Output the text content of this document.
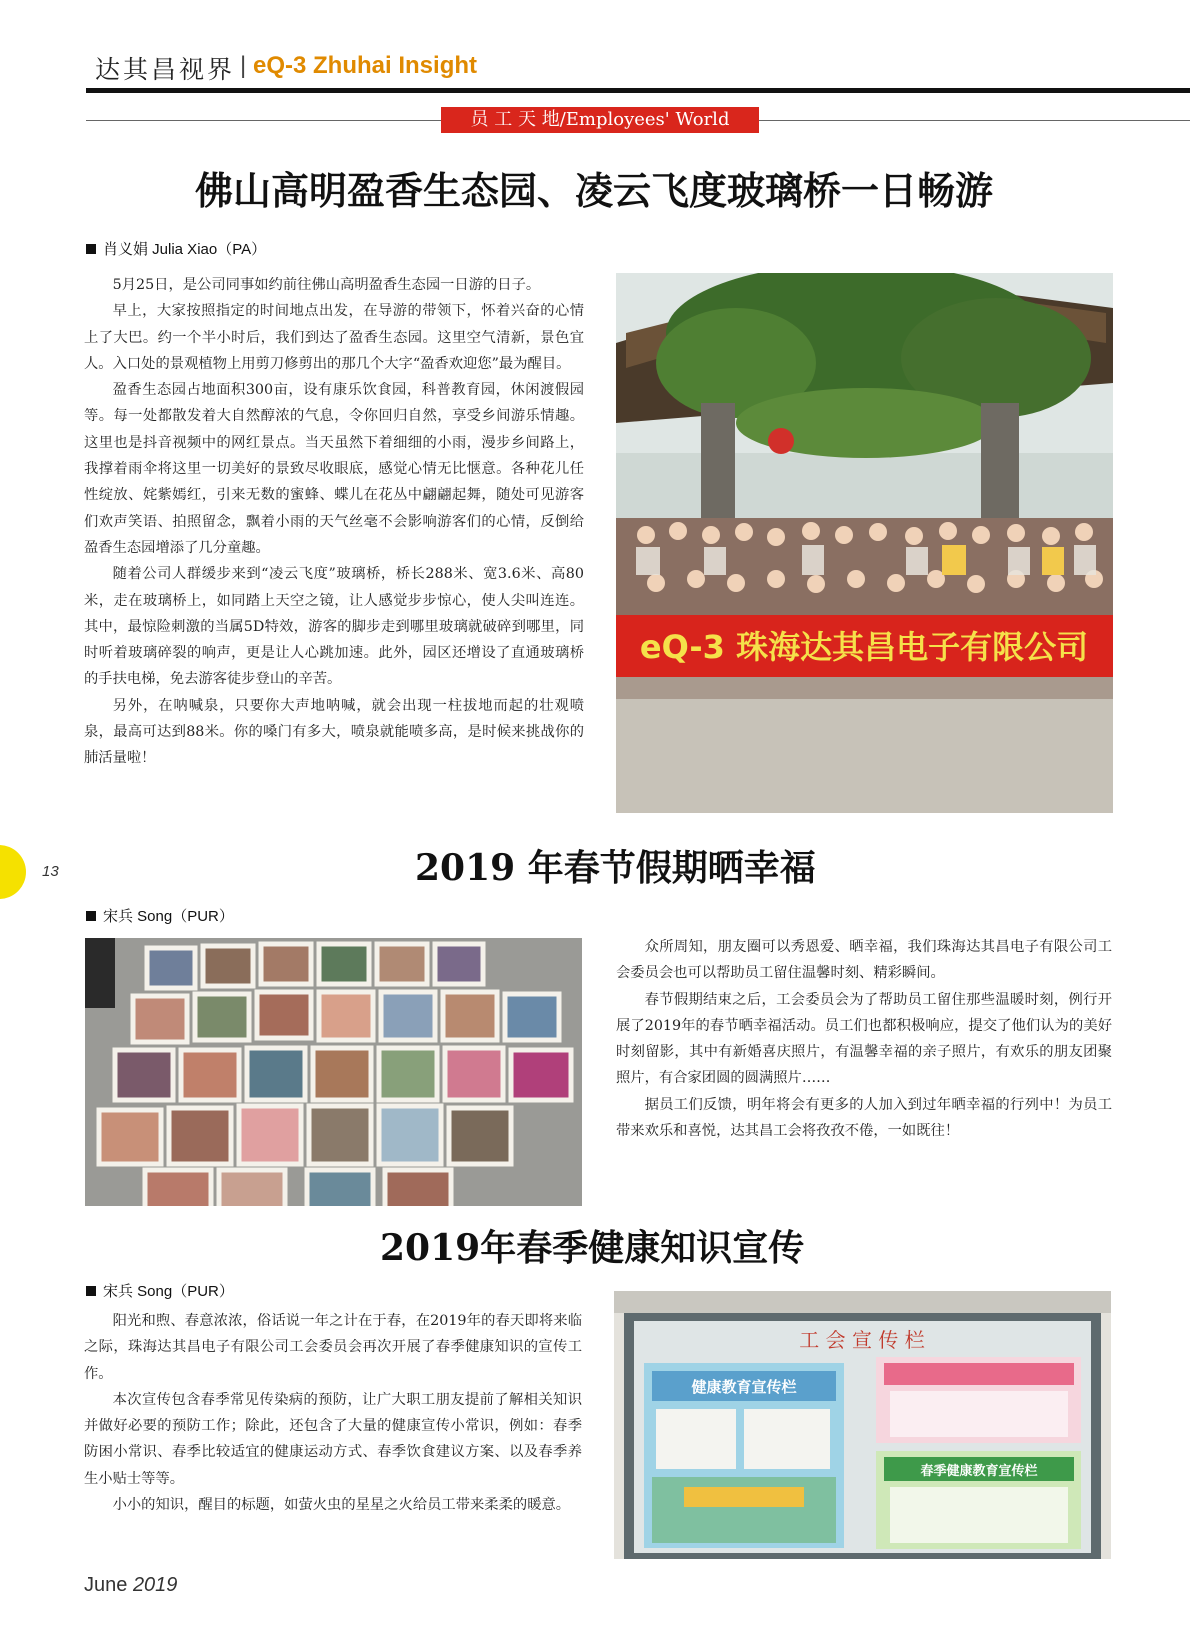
达其昌视界 | eQ-3 Zhuhai Insight
员 工 天 地/Employees' World
佛山高明盈香生态园、凌云飞度玻璃桥一日畅游
肖义娟 Julia Xiao（PA）

5月25日，是公司同事如约前往佛山高明盈香生态园一日游的日子。

早上，大家按照指定的时间地点出发，在导游的带领下，怀着兴奋的心情上了大巴。约一个半小时后，我们到达了盈香生态园。这里空气清新，景色宜人。入口处的景观植物上用剪刀修剪出的那几个大字“盈香欢迎您”最为醒目。

盈香生态园占地面积300亩，设有康乐饮食园，科普教育园，休闲渡假园等。每一处都散发着大自然醇浓的气息，令你回归自然，享受乡间游乐情趣。这里也是抖音视频中的网红景点。当天虽然下着细细的小雨，漫步乡间路上，我撑着雨伞将这里一切美好的景致尽收眼底，感觉心情无比惬意。各种花儿任性绽放、姹紫嫣红，引来无数的蜜蜂、蝶儿在花丛中翩翩起舞，随处可见游客们欢声笑语、拍照留念，飘着小雨的天气丝毫不会影响游客们的心情，反倒给盈香生态园增添了几分童趣。

随着公司人群缓步来到“凌云飞度”玻璃桥，桥长288米、宽3.6米、高80米，走在玻璃桥上，如同踏上天空之镜，让人感觉步步惊心，使人尖叫连连。其中，最惊险刺激的当属5D特效，游客的脚步走到哪里玻璃就破碎到哪里，同时听着玻璃碎裂的响声，更是让人心跳加速。此外，园区还增设了直通玻璃桥的手扶电梯，免去游客徒步登山的辛苦。

另外，在呐喊泉，只要你大声地呐喊，就会出现一柱拔地而起的壮观喷泉，最高可达到88米。你的嗓门有多大，喷泉就能喷多高，是时候来挑战你的肺活量啦！

eQ-3 珠海达其昌电子有限公司
13	2019 年春节假期晒幸福
宋兵 Song（PUR）

众所周知，朋友圈可以秀恩爱、晒幸福，我们珠海达其昌电子有限公司工会委员会也可以帮助员工留住温馨时刻、精彩瞬间。

春节假期结束之后，工会委员会为了帮助员工留住那些温暖时刻，例行开展了2019年的春节晒幸福活动。员工们也都积极响应，提交了他们认为的美好时刻留影，其中有新婚喜庆照片，有温馨幸福的亲子照片，有欢乐的朋友团聚照片，有合家团圆的圆满照片……

据员工们反馈，明年将会有更多的人加入到过年晒幸福的行列中！为员工带来欢乐和喜悦，达其昌工会将孜孜不倦，一如既往！

2019年春季健康知识宣传
宋兵 Song（PUR）

阳光和煦、春意浓浓，俗话说一年之计在于春，在2019年的春天即将来临之际，珠海达其昌电子有限公司工会委员会再次开展了春季健康知识的宣传工作。

本次宣传包含春季常见传染病的预防，让广大职工朋友提前了解相关知识并做好必要的预防工作；除此，还包含了大量的健康宣传小常识，例如：春季防困小常识、春季比较适宜的健康运动方式、春季饮食建议方案、以及春季养生小贴士等等。

小小的知识，醒目的标题，如萤火虫的星星之火给员工带来柔柔的暖意。

工 会 宣 传 栏
健康教育宣传栏
春季健康教育宣传栏
June 2019
